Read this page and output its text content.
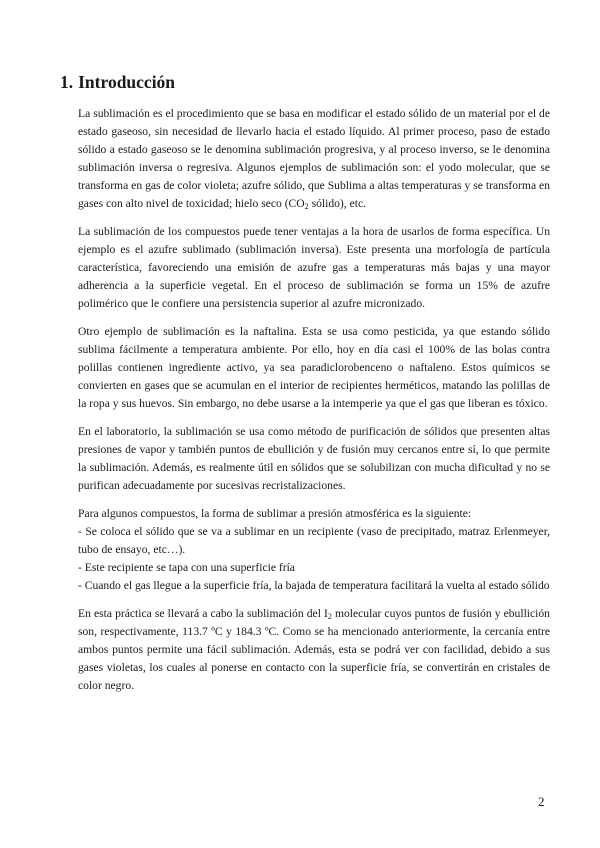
1. Introducción

La sublimación es el procedimiento que se basa en modificar el estado sólido de un material por el de estado gaseoso, sin necesidad de llevarlo hacia el estado líquido. Al primer proceso, paso de estado sólido a estado gaseoso se le denomina sublimación progresiva, y al proceso inverso, se le denomina sublimación inversa o regresiva. Algunos ejemplos de sublimación son: el yodo molecular, que se transforma en gas de color violeta; azufre sólido, que Sublima a altas temperaturas y se transforma en gases con alto nivel de toxicidad; hielo seco ($CO_2$ sólido), etc.

La sublimación de los compuestos puede tener ventajas a la hora de usarlos de forma específica. Un ejemplo es el azufre sublimado (sublimación inversa). Este presenta una morfología de partícula característica, favoreciendo una emisión de azufre gas a temperaturas más bajas y una mayor adherencia a la superficie vegetal. En el proceso de sublimación se forma un 15% de azufre polimérico que le confiere una persistencia superior al azufre micronizado.

Otro ejemplo de sublimación es la naftalina. Esta se usa como pesticida, ya que estando sólido sublima fácilmente a temperatura ambiente. Por ello, hoy en día casi el 100% de las bolas contra polillas contienen ingrediente activo, ya sea paradiclorobenceno o naftaleno. Estos químicos se convierten en gases que se acumulan en el interior de recipientes herméticos, matando las polillas de la ropa y sus huevos. Sin embargo, no debe usarse a la intemperie ya que el gas que liberan es tóxico.

En el laboratorio, la sublimación se usa como método de purificación de sólidos que presenten altas presiones de vapor y también puntos de ebullición y de fusión muy cercanos entre sí, lo que permite la sublimación. Además, es realmente útil en sólidos que se solubilizan con mucha dificultad y no se purifican adecuadamente por sucesivas recristalizaciones.

Para algunos compuestos, la forma de sublimar a presión atmosférica es la siguiente:

- Se coloca el sólido que se va a sublimar en un recipiente (vaso de precipitado, matraz Erlenmeyer, tubo de ensayo, etc…).

- Este recipiente se tapa con una superficie fría

- Cuando el gas llegue a la superficie fría, la bajada de temperatura facilitará la vuelta al estado sólido

En esta práctica se llevará a cabo la sublimación del $I_2$ molecular cuyos puntos de fusión y ebullición son, respectivamente, 113.7 ºC y 184.3 ºC. Como se ha mencionado anteriormente, la cercanía entre ambos puntos permite una fácil sublimación. Además, esta se podrá ver con facilidad, debido a sus gases violetas, los cuales al ponerse en contacto con la superficie fría, se convertirán en cristales de color negro.

2
